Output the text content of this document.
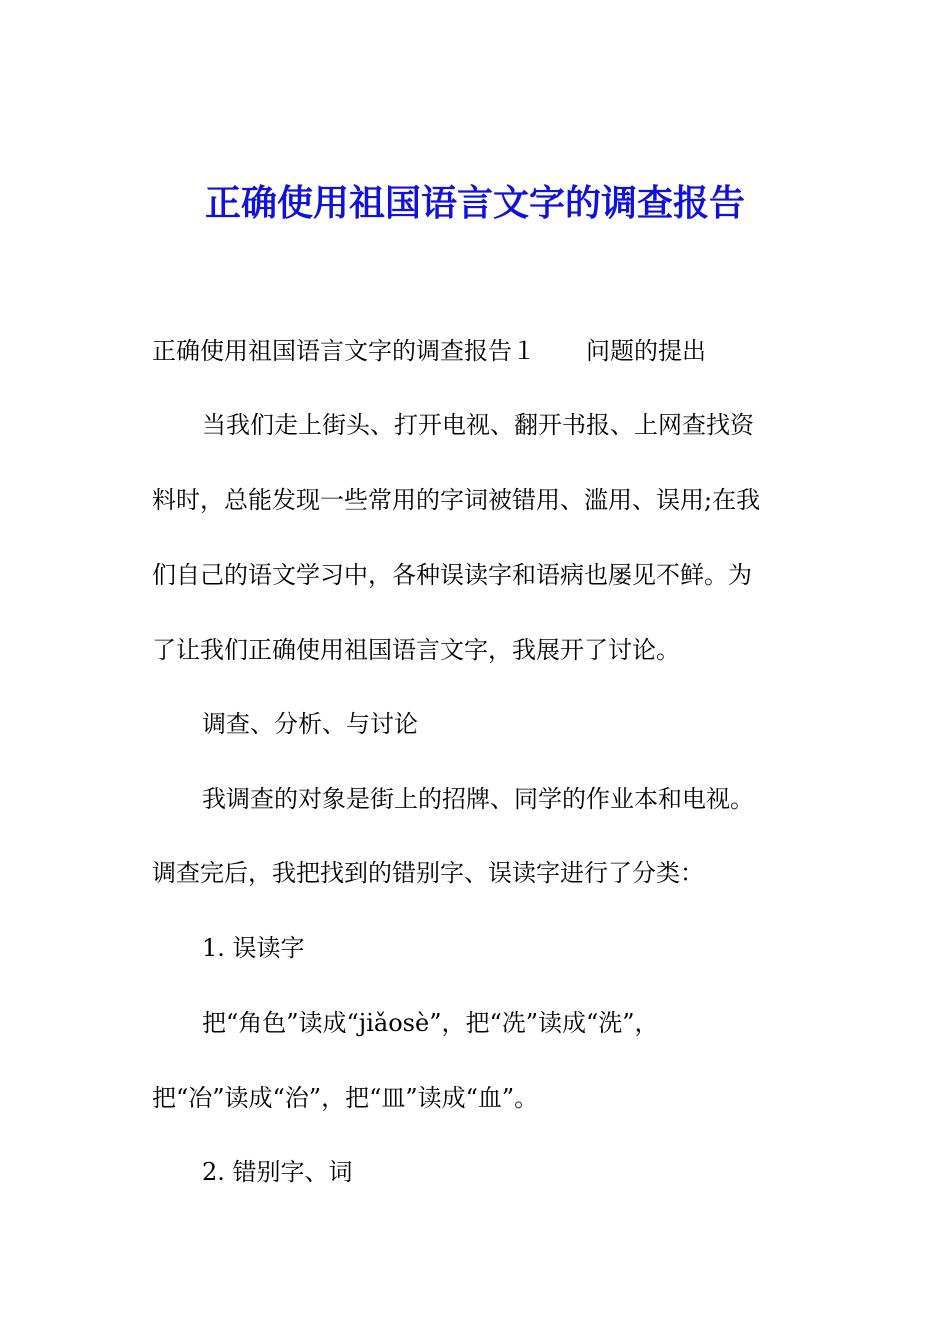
正确使用祖国语言文字的调查报告

正确使用祖国语言文字的调查报告１ 问题的提出

当我们走上街头、打开电视、翻开书报、上网查找资

料时，总能发现一些常用的字词被错用、滥用、误用;在我

们自己的语文学习中，各种误读字和语病也屡见不鲜。为

了让我们正确使用祖国语言文字，我展开了讨论。

调查、分析、与讨论

我调查的对象是街上的招牌、同学的作业本和电视。

调查完后，我把找到的错别字、误读字进行了分类：

1. 误读字

把“角色”读成“jiǎosè”，把“冼”读成“洗”，

把“冶”读成“治”，把“皿”读成“血”。

2. 错别字、词
